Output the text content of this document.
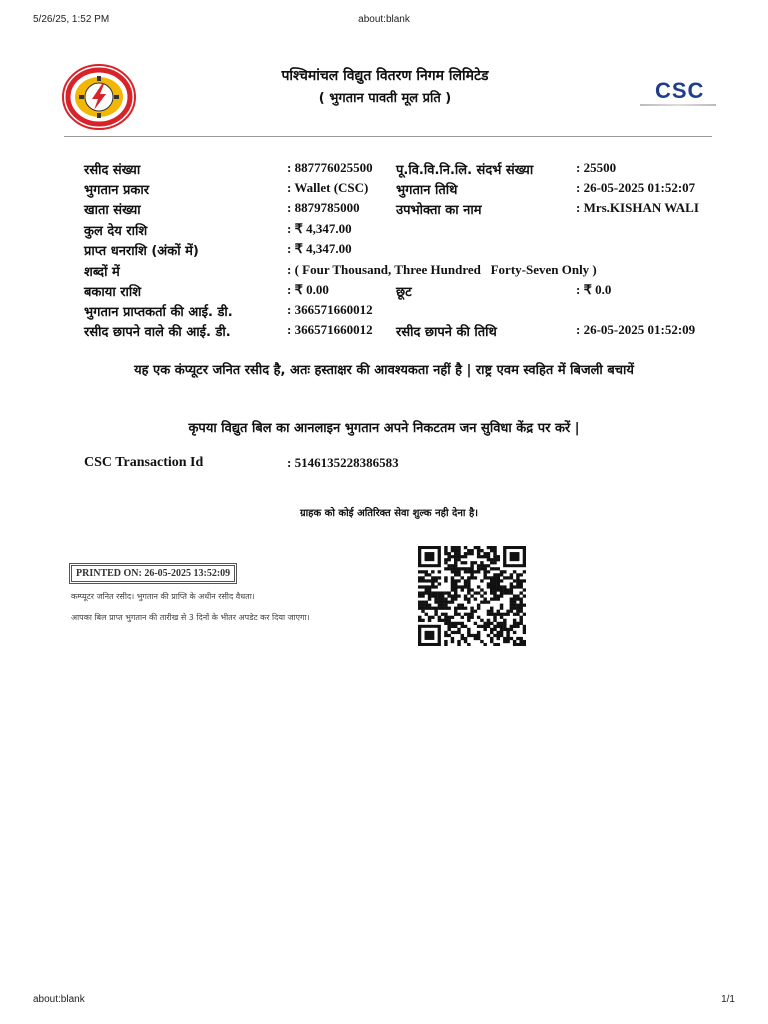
5/26/25, 1:52 PM	about:blank
पश्चिमांचल विद्युत वितरण निगम लिमिटेड
( भुगतान पावती मूल प्रति )	CSC
रसीद संख्या	: 887776025500 पू.वि.वि.नि.लि. संदर्भ संख्या	: 25500
भुगतान प्रकार	: Wallet (CSC) भुगतान तिथि	: 26-05-2025 01:52:07
खाता संख्या	: 8879785000	उपभोक्ता का नाम	: Mrs.KISHAN WALI
कुल देय राशि	: ₹ 4,347.00
प्राप्त धनराशि (अंकों में)	: ₹ 4,347.00
शब्दों में	: ( Four Thousand, Three Hundred   Forty-Seven Only )
बकाया राशि	: ₹ 0.00	छूट	: ₹ 0.0
भुगतान प्राप्तकर्ता की आई. डी.	: 366571660012
रसीद छापने वाले की आई. डी.	: 366571660012 रसीद छापने की तिथि	: 26-05-2025 01:52:09
यह एक कंप्यूटर जनित रसीद है, अतः हस्ताक्षर की आवश्यकता नहीं है | राष्ट्र एवम स्वहित में बिजली बचायें
कृपया विद्युत बिल का आनलाइन भुगतान अपने निकटतम जन सुविधा केंद्र पर करें |
CSC Transaction Id	: 5146135228386583
ग्राहक को कोई अतिरिक्त सेवा शुल्क नही देना है।
PRINTED ON: 26-05-2025 13:52:09
कम्प्यूटर जनित रसीद। भुगतान की प्राप्ति के अधीन रसीद वैधता।
आपका बिल प्राप्त भुगतान की तारीख से 3 दिनों के भीतर अपडेट कर दिया जाएगा।
about:blank	1/1
